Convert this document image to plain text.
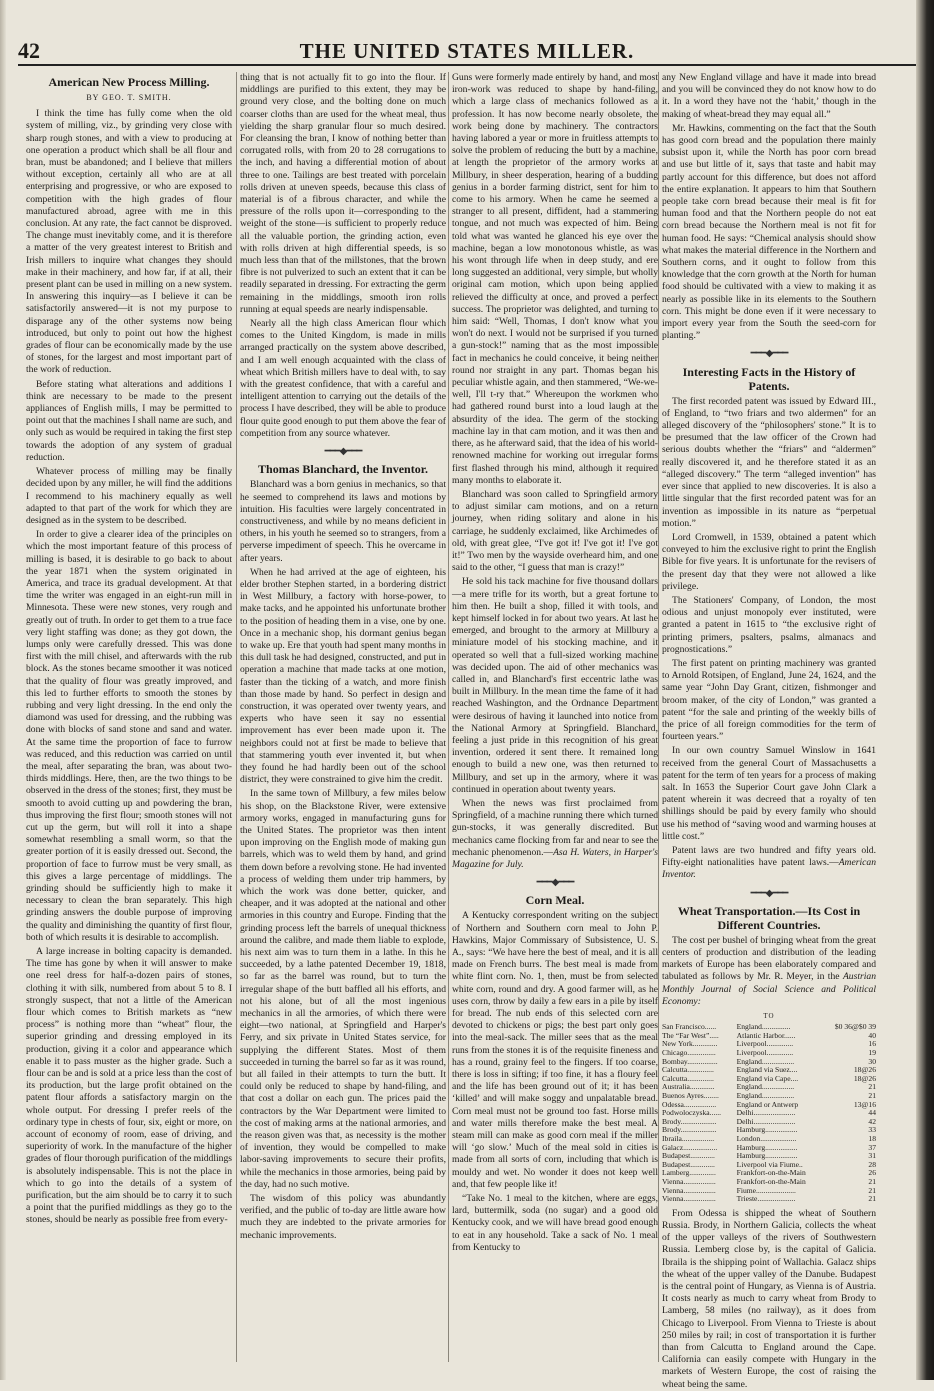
42	THE UNITED STATES MILLER.
American New Process Milling.
BY GEO. T. SMITH.

I think the time has fully come when the old system of milling, viz., by grinding very close with sharp rough stones, and with a view to producing at one operation a product which shall be all flour and bran, must be abandoned; and I believe that millers without exception, certainly all who are at all enterprising and progressive, or who are exposed to competition with the high grades of flour manufactured abroad, agree with me in this conclusion. At any rate, the fact cannot be disproved. The change must inevitably come, and it is therefore a matter of the very greatest interest to British and Irish millers to inquire what changes they should make in their machinery, and how far, if at all, their present plant can be used in milling on a new system. In answering this inquiry—as I believe it can be satisfactorily answered—it is not my purpose to disparage any of the other systems now being introduced, but only to point out how the highest grades of flour can be economically made by the use of stones, for the largest and most important part of the work of reduction.

Before stating what alterations and additions I think are necessary to be made to the present appliances of English mills, I may be permitted to point out that the machines I shall name are such, and only such as would be required in taking the first step towards the adoption of any system of gradual reduction.

Whatever process of milling may be finally decided upon by any miller, he will find the additions I recommend to his machinery equally as well adapted to that part of the work for which they are designed as in the system to be described.

In order to give a clearer idea of the principles on which the most important feature of this process of milling is based, it is desirable to go back to about the year 1871 when the system originated in America, and trace its gradual development. At that time the writer was engaged in an eight-run mill in Minnesota. These were new stones, very rough and greatly out of truth. In order to get them to a true face very light staffing was done; as they got down, the lumps only were carefully dressed. This was done first with the mill chisel, and afterwards with the rub block. As the stones became smoother it was noticed that the quality of flour was greatly improved, and this led to further efforts to smooth the stones by rubbing and very light dressing. In the end only the diamond was used for dressing, and the rubbing was done with blocks of sand stone and sand and water. At the same time the proportion of face to furrow was reduced, and this reduction was carried on until the meal, after separating the bran, was about two-thirds middlings. Here, then, are the two things to be observed in the dress of the stones; first, they must be smooth to avoid cutting up and powdering the bran, thus improving the first flour; smooth stones will not cut up the germ, but will roll it into a shape somewhat resembling a small worm, so that the greater portion of it is easily dressed out. Second, the proportion of face to furrow must be very small, as this gives a large percentage of middlings. The grinding should be sufficiently high to make it necessary to clean the bran separately. This high grinding answers the double purpose of improving the quality and diminishing the quantity of first flour, both of which results it is desirable to accomplish.

A large increase in bolting capacity is demanded. The time has gone by when it will answer to make one reel dress for half-a-dozen pairs of stones, clothing it with silk, numbered from about 5 to 8. I strongly suspect, that not a little of the American flour which comes to British markets as “new process” is nothing more than “wheat” flour, the superior grinding and dressing employed in its production, giving it a color and appearance which enable it to pass muster as the higher grade. Such a flour can be and is sold at a price less than the cost of its production, but the large profit obtained on the patent flour affords a satisfactory margin on the whole output. For dressing I prefer reels of the ordinary type in chests of four, six, eight or more, on account of economy of room, ease of driving, and superiority of work. In the manufacture of the higher grades of flour thorough purification of the middlings is absolutely indispensable. This is not the place in which to go into the details of a system of purification, but the aim should be to carry it to such a point that the purified middlings as they go to the stones, should be nearly as possible free from every-

thing that is not actually fit to go into the flour. If middlings are purified to this extent, they may be ground very close, and the bolting done on much coarser cloths than are used for the wheat meal, thus yielding the sharp granular flour so much desired. For cleansing the bran, I know of nothing better than corrugated rolls, with from 20 to 28 corrugations to the inch, and having a differential motion of about three to one. Tailings are best treated with porcelain rolls driven at uneven speeds, because this class of material is of a fibrous character, and while the pressure of the rolls upon it—corresponding to the weight of the stone—is sufficient to properly reduce all the valuable portion, the grinding action, even with rolls driven at high differential speeds, is so much less than that of the millstones, that the brown fibre is not pulverized to such an extent that it can be readily separated in dressing. For extracting the germ remaining in the middlings, smooth iron rolls running at equal speeds are nearly indispensable.

Nearly all the high class American flour which comes to the United Kingdom, is made in mills arranged practically on the system above described, and I am well enough acquainted with the class of wheat which British millers have to deal with, to say with the greatest confidence, that with a careful and intelligent attention to carrying out the details of the process I have described, they will be able to produce flour quite good enough to put them above the fear of competition from any source whatever.

━━━◆━━━
Thomas Blanchard, the Inventor.

Blanchard was a born genius in mechanics, so that he seemed to comprehend its laws and motions by intuition. His faculties were largely concentrated in constructiveness, and while by no means deficient in others, in his youth he seemed so to strangers, from a perverse impediment of speech. This he overcame in after years.

When he had arrived at the age of eighteen, his elder brother Stephen started, in a bordering district in West Millbury, a factory with horse-power, to make tacks, and he appointed his unfortunate brother to the position of heading them in a vise, one by one. Once in a mechanic shop, his dormant genius began to wake up. Ere that youth had spent many months in this dull task he had designed, constructed, and put in operation a machine that made tacks at one motion, faster than the ticking of a watch, and more finish than those made by hand. So perfect in design and construction, it was operated over twenty years, and experts who have seen it say no essential improvement has ever been made upon it. The neighbors could not at first be made to believe that that stammering youth ever invented it, but when they found he had hardly been out of the school district, they were constrained to give him the credit.

In the same town of Millbury, a few miles below his shop, on the Blackstone River, were extensive armory works, engaged in manufacturing guns for the United States. The proprietor was then intent upon improving on the English mode of making gun barrels, which was to weld them by hand, and grind them down before a revolving stone. He had invented a process of welding them under trip hammers, by which the work was done better, quicker, and cheaper, and it was adopted at the national and other armories in this country and Europe. Finding that the grinding process left the barrels of unequal thickness around the calibre, and made them liable to explode, his next aim was to turn them in a lathe. In this he succeeded, by a lathe patented December 19, 1818, so far as the barrel was round, but to turn the irregular shape of the butt baffled all his efforts, and not his alone, but of all the most ingenious mechanics in all the armories, of which there were eight—two national, at Springfield and Harper's Ferry, and six private in United States service, for supplying the different States. Most of them succeeded in turning the barrel so far as it was round, but all failed in their attempts to turn the butt. It could only be reduced to shape by hand-filing, and that cost a dollar on each gun. The prices paid the contractors by the War Department were limited to the cost of making arms at the national armories, and the reason given was that, as necessity is the mother of invention, they would be compelled to make labor-saving improvements to secure their profits, while the mechanics in those armories, being paid by the day, had no such motive.

The wisdom of this policy was abundantly verified, and the public of to-day are little aware how much they are indebted to the private armories for mechanic improvements.

Guns were formerly made entirely by hand, and most iron-work was reduced to shape by hand-filing, which a large class of mechanics followed as a profession. It has now become nearly obsolete, the work being done by machinery. The contractors having labored a year or more in fruitless attempts to solve the problem of reducing the butt by a machine, at length the proprietor of the armory works at Millbury, in sheer desperation, hearing of a budding genius in a border farming district, sent for him to come to his armory. When he came he seemed a stranger to all present, diffident, had a stammering tongue, and not much was expected of him. Being told what was wanted he glanced his eye over the machine, began a low monotonous whistle, as was his wont through life when in deep study, and ere long suggested an additional, very simple, but wholly original cam motion, which upon being applied relieved the difficulty at once, and proved a perfect success. The proprietor was delighted, and turning to him said: “Well, Thomas, I don't know what you won't do next. I would not be surprised if you turned a gun-stock!” naming that as the most impossible fact in mechanics he could conceive, it being neither round nor straight in any part. Thomas began his peculiar whistle again, and then stammered, “We-we-well, I'll t-ry that.” Whereupon the workmen who had gathered round burst into a loud laugh at the absurdity of the idea. The germ of the stocking machine lay in that cam motion, and it was then and there, as he afterward said, that the idea of his world-renowned machine for working out irregular forms first flashed through his mind, although it required many months to elaborate it.

Blanchard was soon called to Springfield armory to adjust similar cam motions, and on a return journey, when riding solitary and alone in his carriage, he suddenly exclaimed, like Archimedes of old, with great glee, “I've got it! I've got it! I've got it!” Two men by the wayside overheard him, and one said to the other, “I guess that man is crazy!”

He sold his tack machine for five thousand dollars—a mere trifle for its worth, but a great fortune to him then. He built a shop, filled it with tools, and kept himself locked in for about two years. At last he emerged, and brought to the armory at Millbury a miniature model of his stocking machine, and it operated so well that a full-sized working machine was decided upon. The aid of other mechanics was called in, and Blanchard's first eccentric lathe was built in Millbury. In the mean time the fame of it had reached Washington, and the Ordnance Department were desirous of having it launched into notice from the National Armory at Springfield. Blanchard, feeling a just pride in this recognition of his great invention, ordered it sent there. It remained long enough to build a new one, was then returned to Millbury, and set up in the armory, where it was continued in operation about twenty years.

When the news was first proclaimed from Springfield, of a machine running there which turned gun-stocks, it was generally discredited. But mechanics came flocking from far and near to see the mechanic phenomenon.—Asa H. Waters, in Harper's Magazine for July.

━━━◆━━━
Corn Meal.

A Kentucky correspondent writing on the subject of Northern and Southern corn meal to John P. Hawkins, Major Commissary of Subsistence, U. S. A., says: “We have here the best of meal, and it is all made on French burrs. The best meal is made from white flint corn. No. 1, then, must be from selected white corn, round and dry. A good farmer will, as he uses corn, throw by daily a few ears in a pile by itself for bread. The nub ends of this selected corn are devoted to chickens or pigs; the best part only goes into the meal-sack. The miller sees that as the meal runs from the stones it is of the requisite fineness and has a round, grainy feel to the fingers. If too coarse, there is loss in sifting; if too fine, it has a floury feel and the life has been ground out of it; it has been ‘killed’ and will make soggy and unpalatable bread. Corn meal must not be ground too fast. Horse mills and water mills therefore make the best meal. A steam mill can make as good corn meal if the miller will ‘go slow.’ Much of the meal sold in cities is made from all sorts of corn, including that which is mouldy and wet. No wonder it does not keep well and, that few people like it!

“Take No. 1 meal to the kitchen, where are eggs, lard, buttermilk, soda (no sugar) and a good old Kentucky cook, and we will have bread good enough to eat in any household. Take a sack of No. 1 meal from Kentucky to

any New England village and have it made into bread and you will be convinced they do not know how to do it. In a word they have not the ‘habit,’ though in the making of wheat-bread they may equal all.”

Mr. Hawkins, commenting on the fact that the South has good corn bread and the population there mainly subsist upon it, while the North has poor corn bread and use but little of it, says that taste and habit may partly account for this difference, but does not afford the entire explanation. It appears to him that Southern people take corn bread because their meal is fit for human food and that the Northern people do not eat corn bread because the Northern meal is not fit for human food. He says: “Chemical analysis should show what makes the material difference in the Northern and Southern corns, and it ought to follow from this knowledge that the corn growth at the North for human food should be cultivated with a view to making it as nearly as possible like in its elements to the Southern corn. This might be done even if it were necessary to import every year from the South the seed-corn for planting.”

━━━◆━━━
Interesting Facts in the History of Patents.

The first recorded patent was issued by Edward III., of England, to “two friars and two aldermen” for an alleged discovery of the “philosophers' stone.” It is to be presumed that the law officer of the Crown had serious doubts whether the “friars” and “aldermen” really discovered it, and he therefore stated it as an “alleged discovery.” The term “alleged invention” has ever since that applied to new discoveries. It is also a little singular that the first recorded patent was for an invention as impossible in its nature as “perpetual motion.”

Lord Cromwell, in 1539, obtained a patent which conveyed to him the exclusive right to print the English Bible for five years. It is unfortunate for the revisers of the present day that they were not allowed a like privilege.

The Stationers' Company, of London, the most odious and unjust monopoly ever instituted, were granted a patent in 1615 to “the exclusive right of printing primers, psalters, psalms, almanacs and prognostications.”

The first patent on printing machinery was granted to Arnold Rotsipen, of England, June 24, 1624, and the same year “John Day Grant, citizen, fishmonger and broom maker, of the city of London,” was granted a patent “for the sale and printing of the weekly bills of the price of all foreign commodities for the term of fourteen years.”

In our own country Samuel Winslow in 1641 received from the general Court of Massachusetts a patent for the term of ten years for a process of making salt. In 1653 the Superior Court gave John Clark a patent wherein it was decreed that a royalty of ten shillings should be paid by every family who should use his method of “saving wood and warming houses at little cost.”

Patent laws are two hundred and fifty years old. Fifty-eight nationalities have patent laws.—American Inventor.

━━━◆━━━
Wheat Transportation.—Its Cost in Different Countries.

The cost per bushel of bringing wheat from the great centers of production and distribution of the leading markets of Europe has been elaborately compared and tabulated as follows by Mr. R. Meyer, in the Austrian Monthly Journal of Social Science and Political Economy:

TO
San Francisco......	England...............	$0 36@$0 39
The “Far West”.....	Atlantic Harbor......	40
New York.............	Liverpool..............	16
Chicago...............	Liverpool..............	19
Bombay................	England.................	30
Calcutta..............	England via Suez....	18@26
Calcutta..............	England via Cape....	18@26
Australia.............	England.................	21
Buenos Ayres........	England.................	21
Odessa.................	England or Antwerp	13@16
Podwoloczyska......	Delhi......................	44
Brody...................	Delhi......................	42
Brody...................	Hamburg.................	33
Ibraila.................	London...................	18
Galacz..................	Hamburg.................	37
Budapest.............	Hamburg.................	31
Budapest.............	Liverpool via Fiume..	28
Lamberg..............	Frankfort-on-the-Main	26
Vienna.................	Frankfort-on-the-Main	21
Vienna.................	Fiume.....................	21
Vienna.................	Trieste....................	21

From Odessa is shipped the wheat of Southern Russia. Brody, in Northern Galicia, collects the wheat of the upper valleys of the rivers of Southwestern Russia. Lemberg close by, is the capital of Galicia. Ibraila is the shipping point of Wallachia. Galacz ships the wheat of the upper valley of the Danube. Budapest is the central point of Hungary, as Vienna is of Austria. It costs nearly as much to carry wheat from Brody to Lamberg, 58 miles (no railway), as it does from Chicago to Liverpool. From Vienna to Trieste is about 250 miles by rail; in cost of transportation it is further than from Calcutta to England around the Cape. California can easily compete with Hungary in the markets of Western Europe, the cost of raising the wheat being the same.
